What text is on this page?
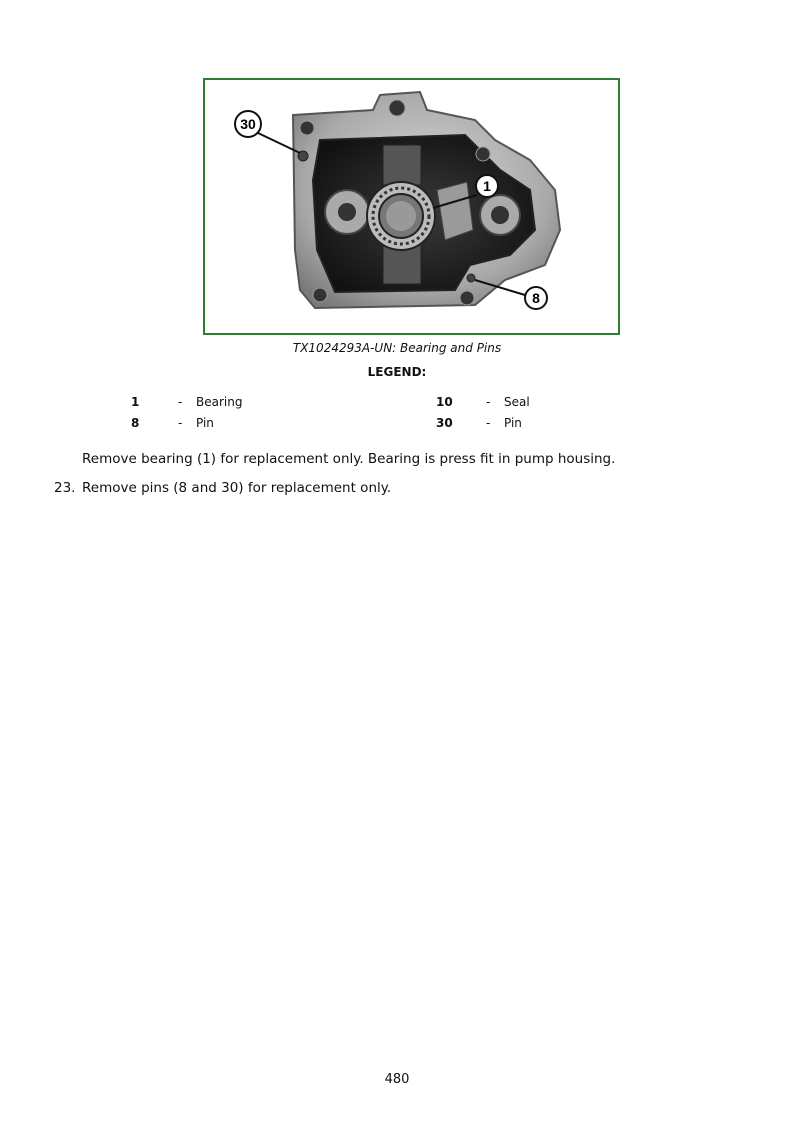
30
1
8
TX1024293A-UN: Bearing and Pins
LEGEND:
1	- Bearing	10	- Seal
8	- Pin	30	- Pin
Remove bearing (1) for replacement only. Bearing is press fit in pump housing.
23. Remove pins (8 and 30) for replacement only.
480
